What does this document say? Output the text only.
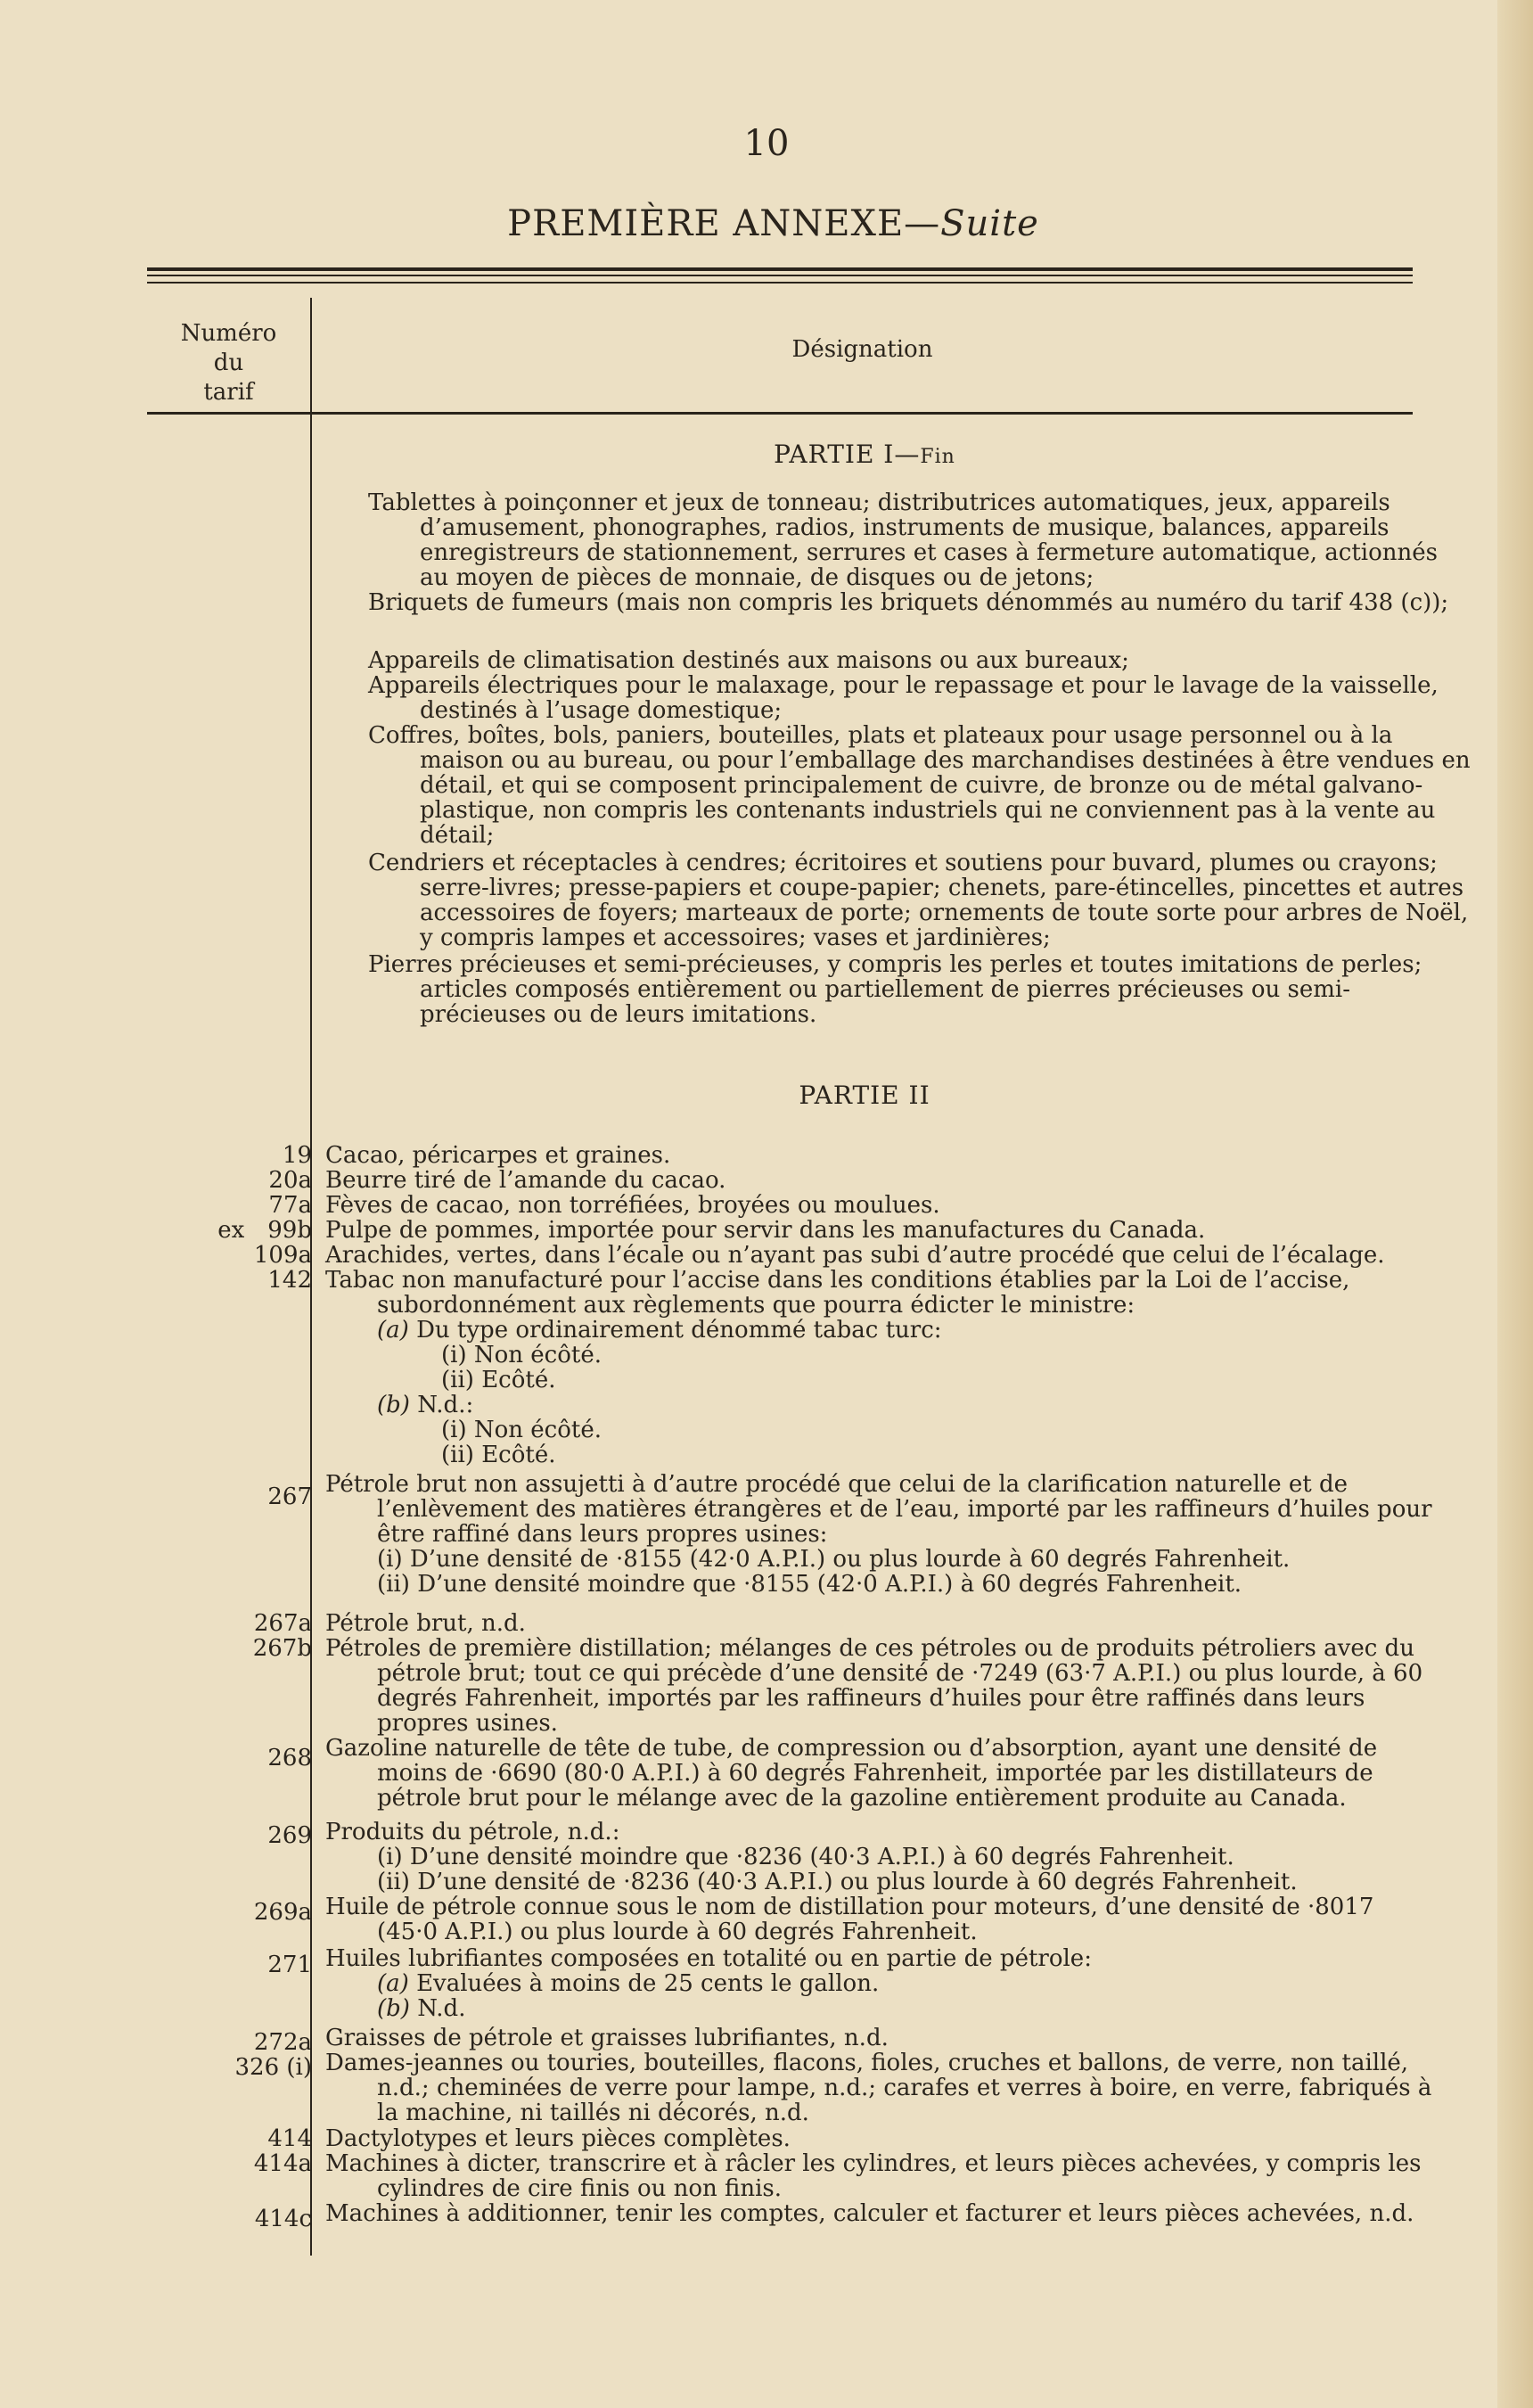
10
PREMIÈRE ANNEXE—Suite
Numéro
du
tarif
Désignation
PARTIE I—Fin
Tablettes à poinçonner et jeux de tonneau; distributrices automatiques, jeux, appareils d’amusement, phonographes, radios, instruments de musique, balances, appareils enregistreurs de stationnement, serrures et cases à fermeture automatique, actionnés au moyen de pièces de monnaie, de disques ou de jetons;
Briquets de fumeurs (mais non compris les briquets dénommés au numéro du tarif 438 (c));
Appareils de climatisation destinés aux maisons ou aux bureaux;
Appareils électriques pour le malaxage, pour le repassage et pour le lavage de la vaisselle, destinés à l’usage domestique;
Coffres, boîtes, bols, paniers, bouteilles, plats et plateaux pour usage personnel ou à la maison ou au bureau, ou pour l’emballage des marchandises destinées à être vendues en détail, et qui se composent principalement de cuivre, de bronze ou de métal galvano-plastique, non compris les contenants industriels qui ne conviennent pas à la vente au détail;
Cendriers et réceptacles à cendres; écritoires et soutiens pour buvard, plumes ou crayons; serre-livres; presse-papiers et coupe-papier; chenets, pare-étincelles, pincettes et autres accessoires de foyers; marteaux de porte; ornements de toute sorte pour arbres de Noël, y compris lampes et accessoires; vases et jardinières;
Pierres précieuses et semi-précieuses, y compris les perles et toutes imitations de perles; articles composés entièrement ou partiellement de pierres précieuses ou semi-précieuses ou de leurs imitations.
PARTIE II
19 Cacao, péricarpes et graines.
20a Beurre tiré de l’amande du cacao.
77a Fèves de cacao, non torréfiées, broyées ou moulues.
ex 99b Pulpe de pommes, importée pour servir dans les manufactures du Canada.
109a Arachides, vertes, dans l’écale ou n’ayant pas subi d’autre procédé que celui de l’écalage.
142 Tabac non manufacturé pour l’accise dans les conditions établies par la Loi de l’accise, subordonnément aux règlements que pourra édicter le ministre:
(a) Du type ordinairement dénommé tabac turc:
(i) Non écôté.
(ii) Ecôté.
(b) N.d.:
(i) Non écôté.
(ii) Ecôté.
267 Pétrole brut non assujetti à d’autre procédé que celui de la clarification naturelle et de l’enlèvement des matières étrangères et de l’eau, importé par les raffineurs d’huiles pour être raffiné dans leurs propres usines:
(i) D’une densité de ·8155 (42·0 A.P.I.) ou plus lourde à 60 degrés Fahrenheit.
(ii) D’une densité moindre que ·8155 (42·0 A.P.I.) à 60 degrés Fahrenheit.
267a Pétrole brut, n.d.
267b Pétroles de première distillation; mélanges de ces pétroles ou de produits pétroliers avec du pétrole brut; tout ce qui précède d’une densité de ·7249 (63·7 A.P.I.) ou plus lourde, à 60 degrés Fahrenheit, importés par les raffineurs d’huiles pour être raffinés dans leurs propres usines.
268 Gazoline naturelle de tête de tube, de compression ou d’absorption, ayant une densité de moins de ·6690 (80·0 A.P.I.) à 60 degrés Fahrenheit, importée par les distillateurs de pétrole brut pour le mélange avec de la gazoline entièrement produite au Canada.
269 Produits du pétrole, n.d.:
(i) D’une densité moindre que ·8236 (40·3 A.P.I.) à 60 degrés Fahrenheit.
(ii) D’une densité de ·8236 (40·3 A.P.I.) ou plus lourde à 60 degrés Fahrenheit.
269a Huile de pétrole connue sous le nom de distillation pour moteurs, d’une densité de ·8017 (45·0 A.P.I.) ou plus lourde à 60 degrés Fahrenheit.
271 Huiles lubrifiantes composées en totalité ou en partie de pétrole:
(a) Evaluées à moins de 25 cents le gallon.
(b) N.d.
272a Graisses de pétrole et graisses lubrifiantes, n.d.
326 (i) Dames-jeannes ou touries, bouteilles, flacons, fioles, cruches et ballons, de verre, non taillé, n.d.; cheminées de verre pour lampe, n.d.; carafes et verres à boire, en verre, fabriqués à la machine, ni taillés ni décorés, n.d.
414 Dactylotypes et leurs pièces complètes.
414a Machines à dicter, transcrire et à râcler les cylindres, et leurs pièces achevées, y compris les cylindres de cire finis ou non finis.
414c Machines à additionner, tenir les comptes, calculer et facturer et leurs pièces achevées, n.d.
